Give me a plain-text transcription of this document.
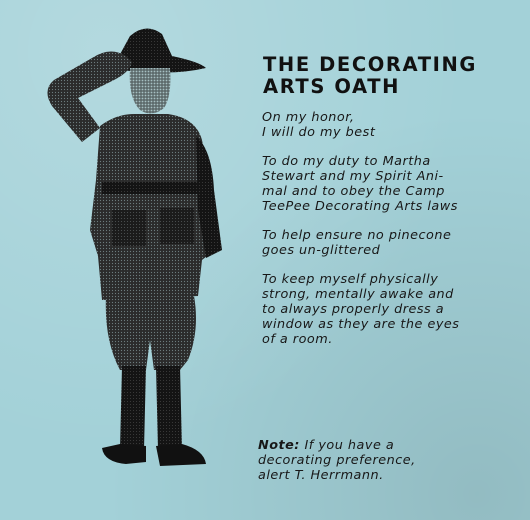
THE DECORATING
ARTS OATH

On my honor,
I will do my best

To do my duty to Martha
Stewart and my Spirit Ani-
mal and to obey the Camp
TeePee Decorating Arts laws

To help ensure no pinecone
goes un-glittered

To keep myself physically
strong, mentally awake and
to always properly dress a
window as they are the eyes
of a room.

Note: If you have a
decorating preference,
alert T. Herrmann.
